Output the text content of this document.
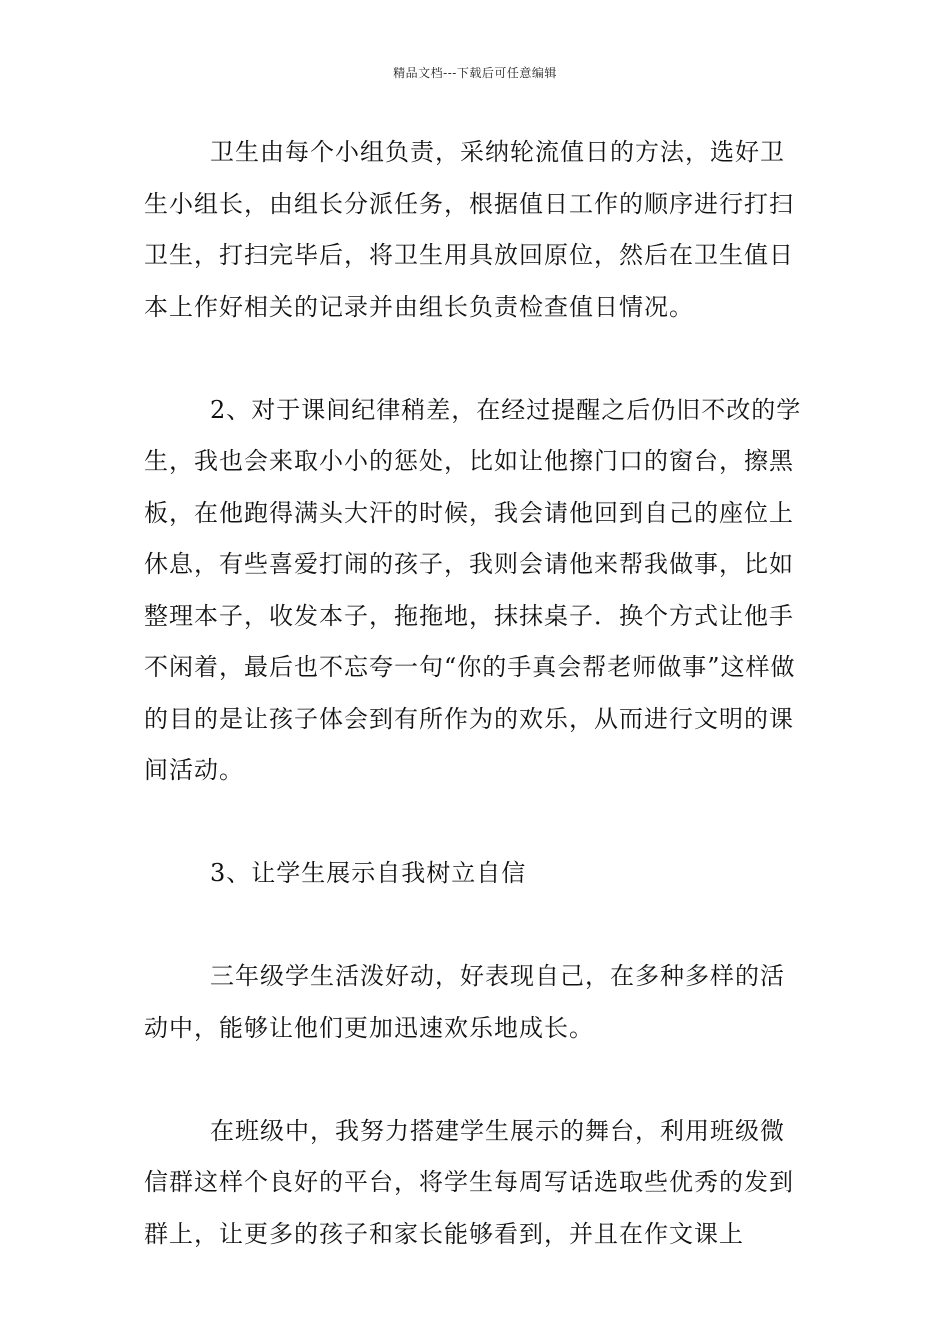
精品文档---下载后可任意编辑

卫生由每个小组负责，采纳轮流值日的方法，选好卫生小组长，由组长分派任务，根据值日工作的顺序进行打扫卫生，打扫完毕后，将卫生用具放回原位，然后在卫生值日本上作好相关的记录并由组长负责检查值日情况。

2、对于课间纪律稍差，在经过提醒之后仍旧不改的学生，我也会来取小小的惩处，比如让他擦门口的窗台，擦黑板，在他跑得满头大汗的时候，我会请他回到自己的座位上休息，有些喜爱打闹的孩子，我则会请他来帮我做事，比如整理本子，收发本子，拖拖地，抹抹桌子．换个方式让他手不闲着，最后也不忘夸一句“你的手真会帮老师做事”这样做的目的是让孩子体会到有所作为的欢乐，从而进行文明的课间活动。

3、让学生展示自我树立自信

三年级学生活泼好动，好表现自己，在多种多样的活动中，能够让他们更加迅速欢乐地成长。

在班级中，我努力搭建学生展示的舞台，利用班级微信群这样个良好的平台，将学生每周写话选取些优秀的发到群上，让更多的孩子和家长能够看到，并且在作文课上
